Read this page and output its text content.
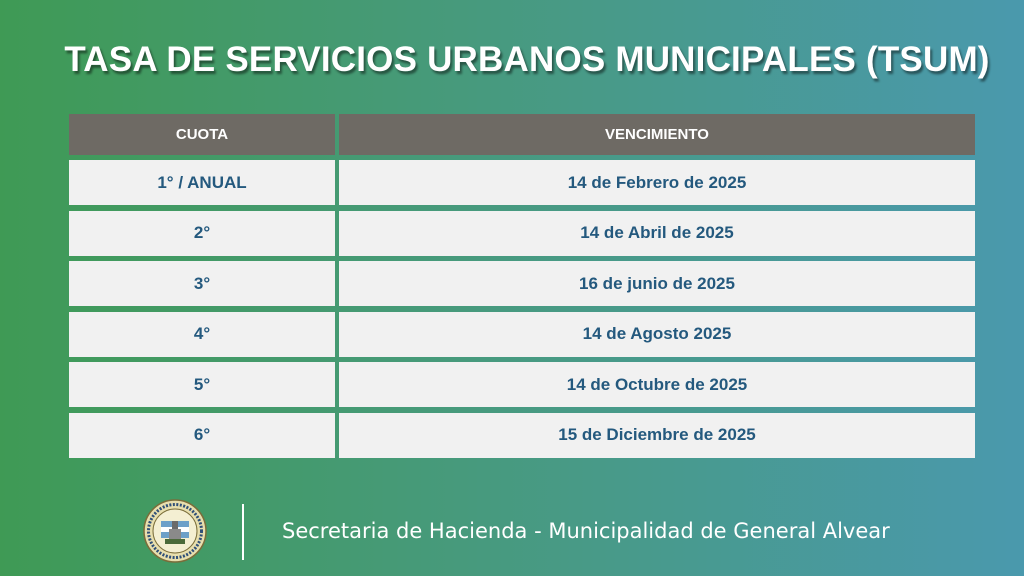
TASA DE SERVICIOS URBANOS MUNICIPALES (TSUM)
CUOTA	VENCIMIENTO
1° / ANUAL	14 de Febrero de 2025
2°	14 de Abril de 2025
3°	16 de junio de 2025
4°	14 de Agosto 2025
5°	14 de Octubre de 2025
6°	15 de Diciembre de 2025
Secretaria de Hacienda - Municipalidad de General Alvear
